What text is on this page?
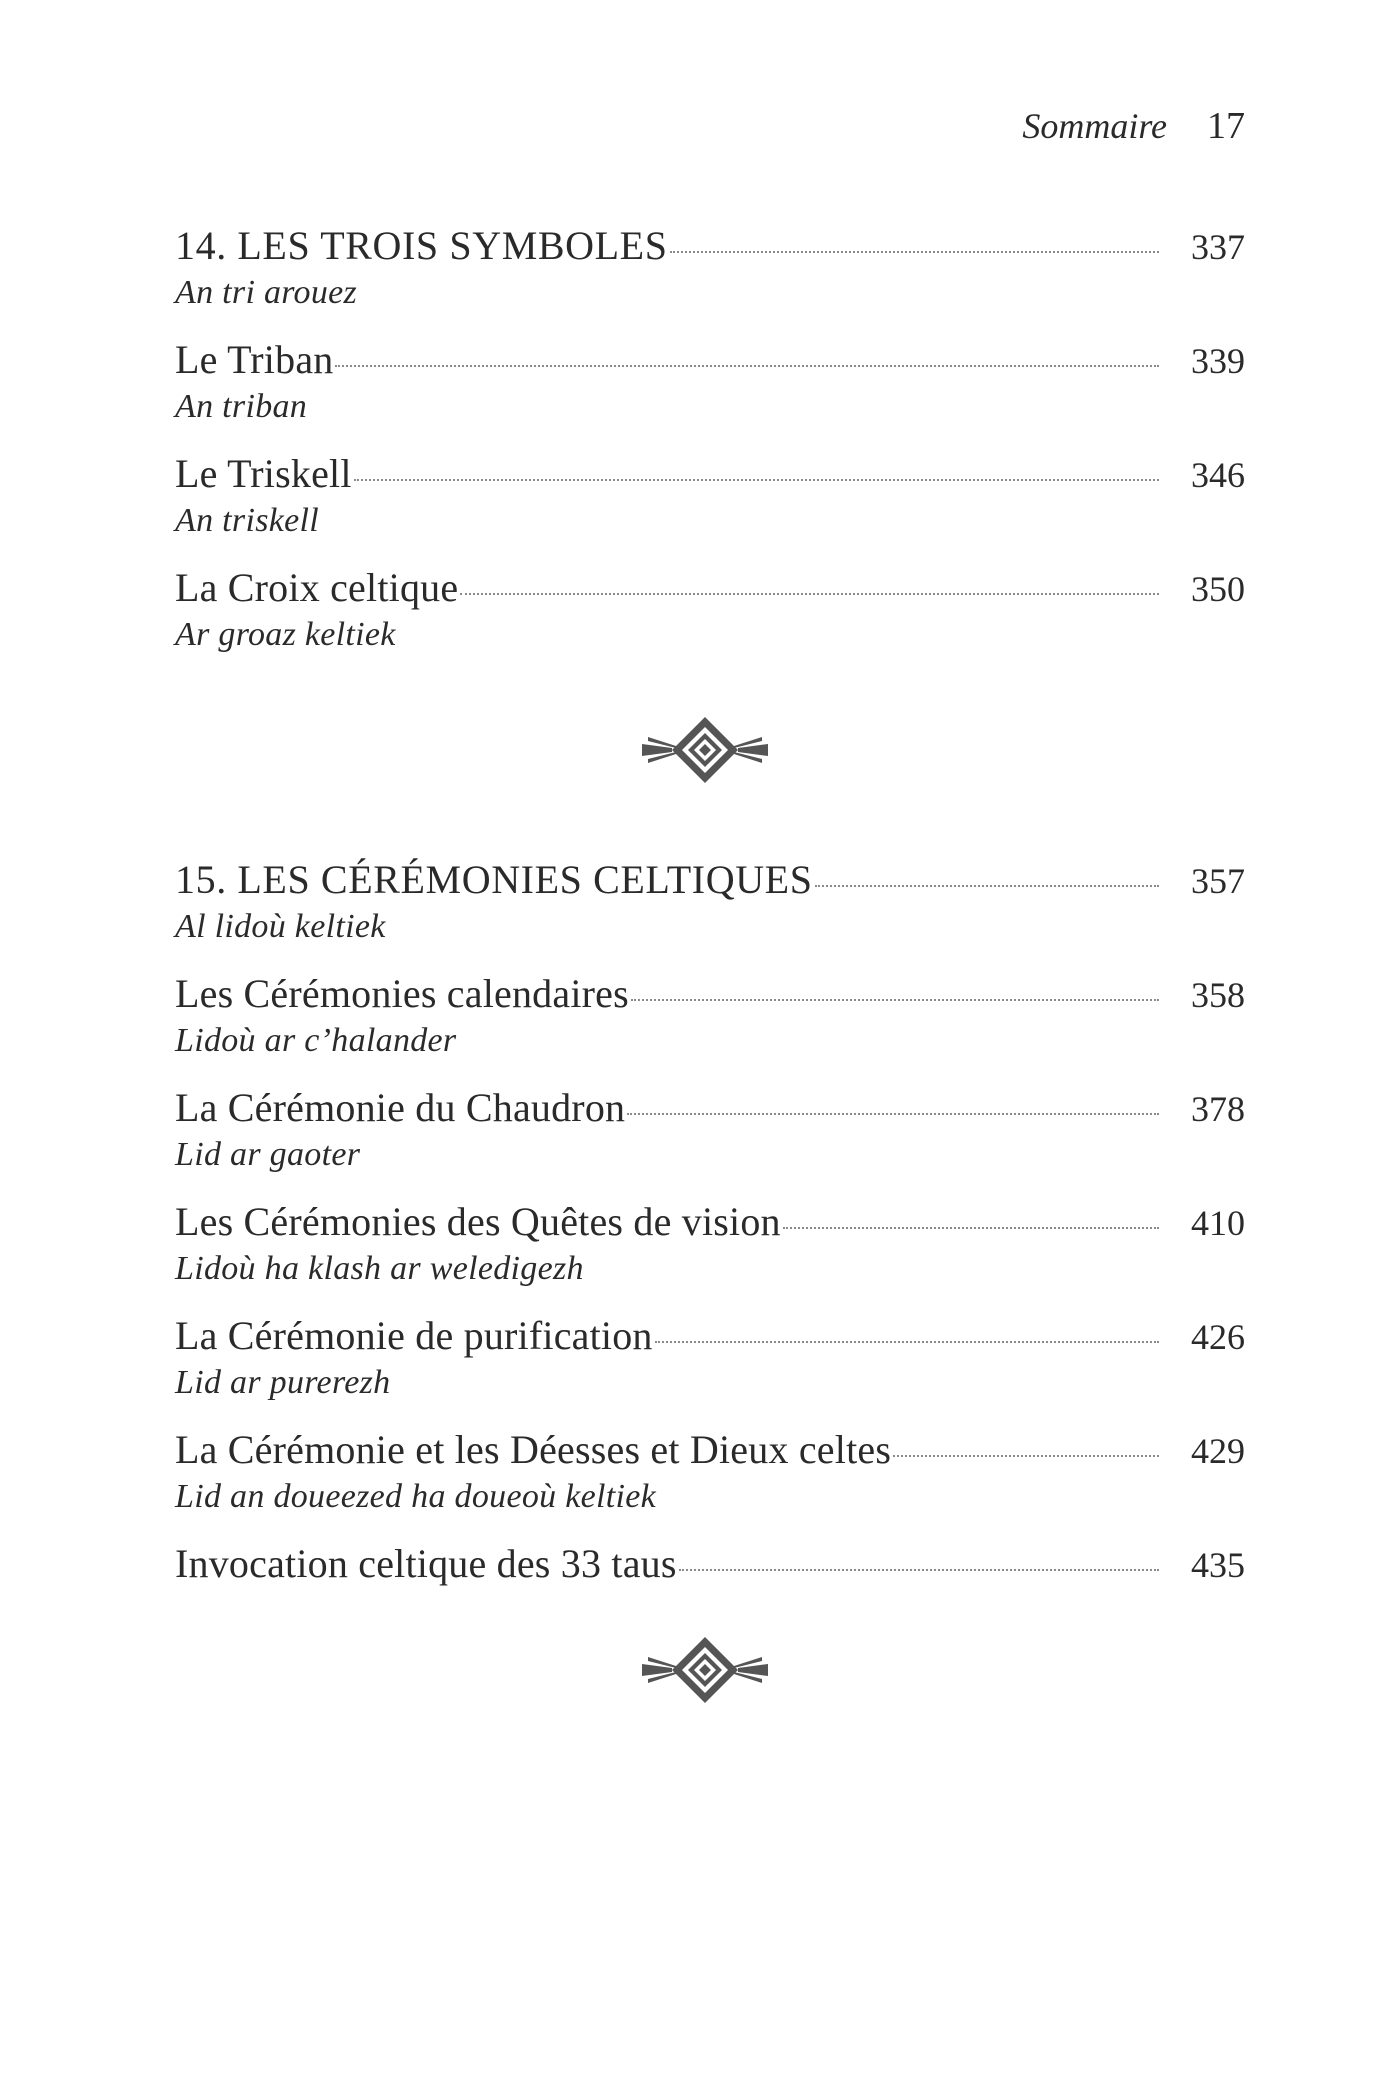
Sommaire 17
14. LES TROIS SYMBOLES	337
An tri arouez
Le Triban	339
An triban
Le Triskell	346
An triskell
La Croix celtique	350
Ar groaz keltiek
15. LES CÉRÉMONIES CELTIQUES	357
Al lidoù keltiek
Les Cérémonies calendaires	358
Lidoù ar c’halander
La Cérémonie du Chaudron	378
Lid ar gaoter
Les Cérémonies des Quêtes de vision	410
Lidoù ha klash ar weledigezh
La Cérémonie de purification	426
Lid ar purerezh
La Cérémonie et les Déesses et Dieux celtes	429
Lid an doueezed ha doueoù keltiek
Invocation celtique des 33 taus	435
